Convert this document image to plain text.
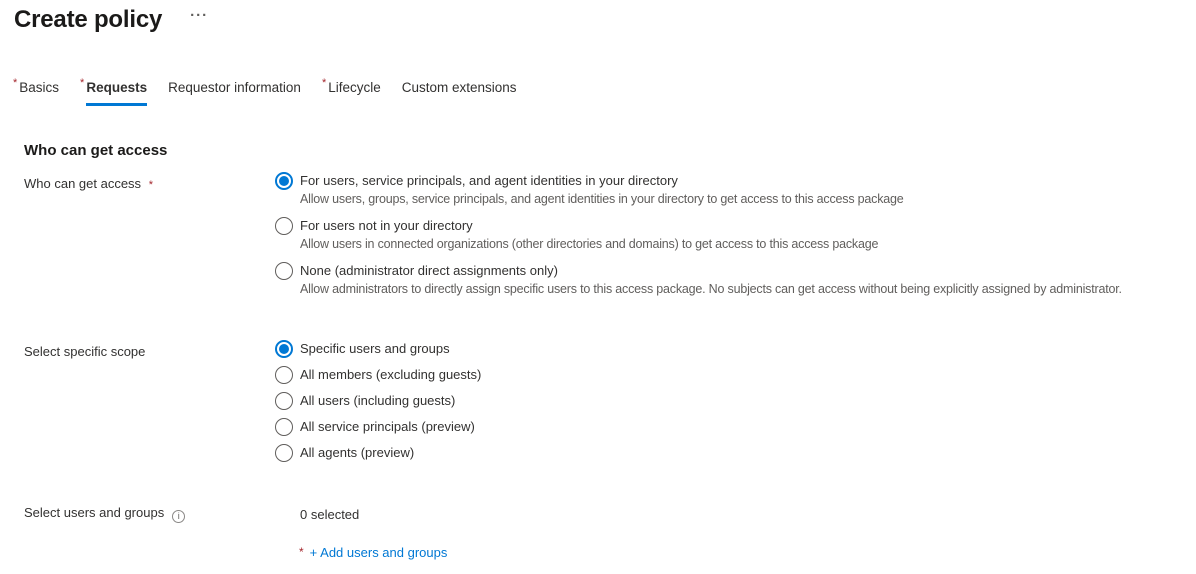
Create policy ···
* Basics * Requests Requestor information * Lifecycle Custom extensions
Who can get access
Who can get access *	For users, service principals, and agent identities in your directory
Allow users, groups, service principals, and agent identities in your directory to get access to this access package
For users not in your directory
Allow users in connected organizations (other directories and domains) to get access to this access package
None (administrator direct assignments only)
Allow administrators to directly assign specific users to this access package. No subjects can get access without being explicitly assigned by administrator.
Select specific scope	Specific users and groups
All members (excluding guests)
All users (including guests)
All service principals (preview)
All agents (preview)
Select users and groups i	0 selected
* + Add users and groups
